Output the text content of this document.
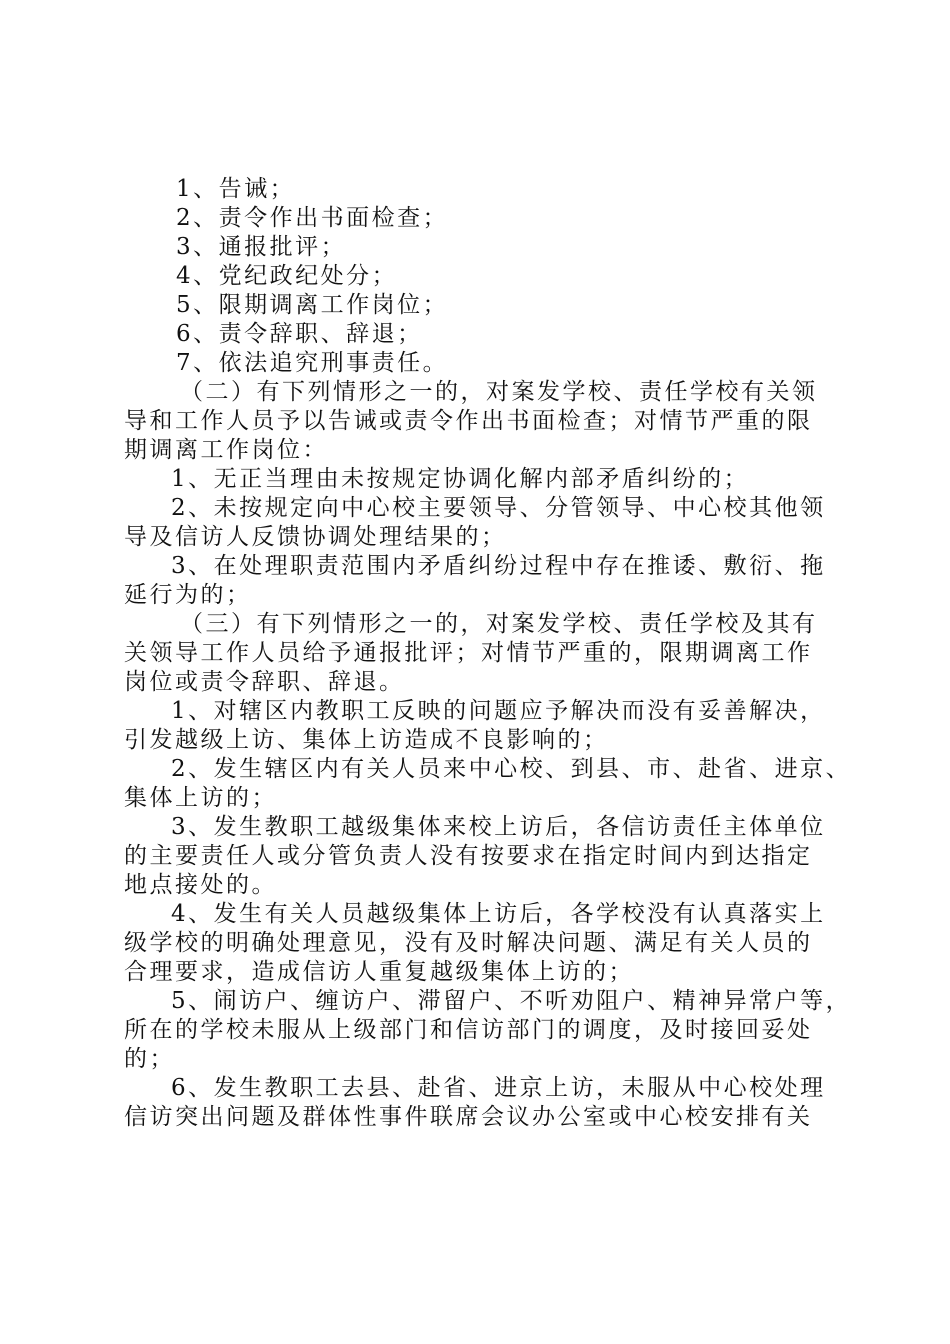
1、告诫；
2、责令作出书面检查；
3、通报批评；
4、党纪政纪处分；
5、限期调离工作岗位；
6、责令辞职、辞退；
7、依法追究刑事责任。
（二）有下列情形之一的，对案发学校、责任学校有关领
导和工作人员予以告诫或责令作出书面检查；对情节严重的限
期调离工作岗位：
1、无正当理由未按规定协调化解内部矛盾纠纷的；
2、未按规定向中心校主要领导、分管领导、中心校其他领
导及信访人反馈协调处理结果的；
3、在处理职责范围内矛盾纠纷过程中存在推诿、敷衍、拖
延行为的；
（三）有下列情形之一的，对案发学校、责任学校及其有
关领导工作人员给予通报批评；对情节严重的，限期调离工作
岗位或责令辞职、辞退。
1、对辖区内教职工反映的问题应予解决而没有妥善解决，
引发越级上访、集体上访造成不良影响的；
2、发生辖区内有关人员来中心校、到县、市、赴省、进京、
集体上访的；
3、发生教职工越级集体来校上访后，各信访责任主体单位
的主要责任人或分管负责人没有按要求在指定时间内到达指定
地点接处的。
4、发生有关人员越级集体上访后，各学校没有认真落实上
级学校的明确处理意见，没有及时解决问题、满足有关人员的
合理要求，造成信访人重复越级集体上访的；
5、闹访户、缠访户、滞留户、不听劝阻户、精神异常户等，
所在的学校未服从上级部门和信访部门的调度，及时接回妥处
的；
6、发生教职工去县、赴省、进京上访，未服从中心校处理
信访突出问题及群体性事件联席会议办公室或中心校安排有关
